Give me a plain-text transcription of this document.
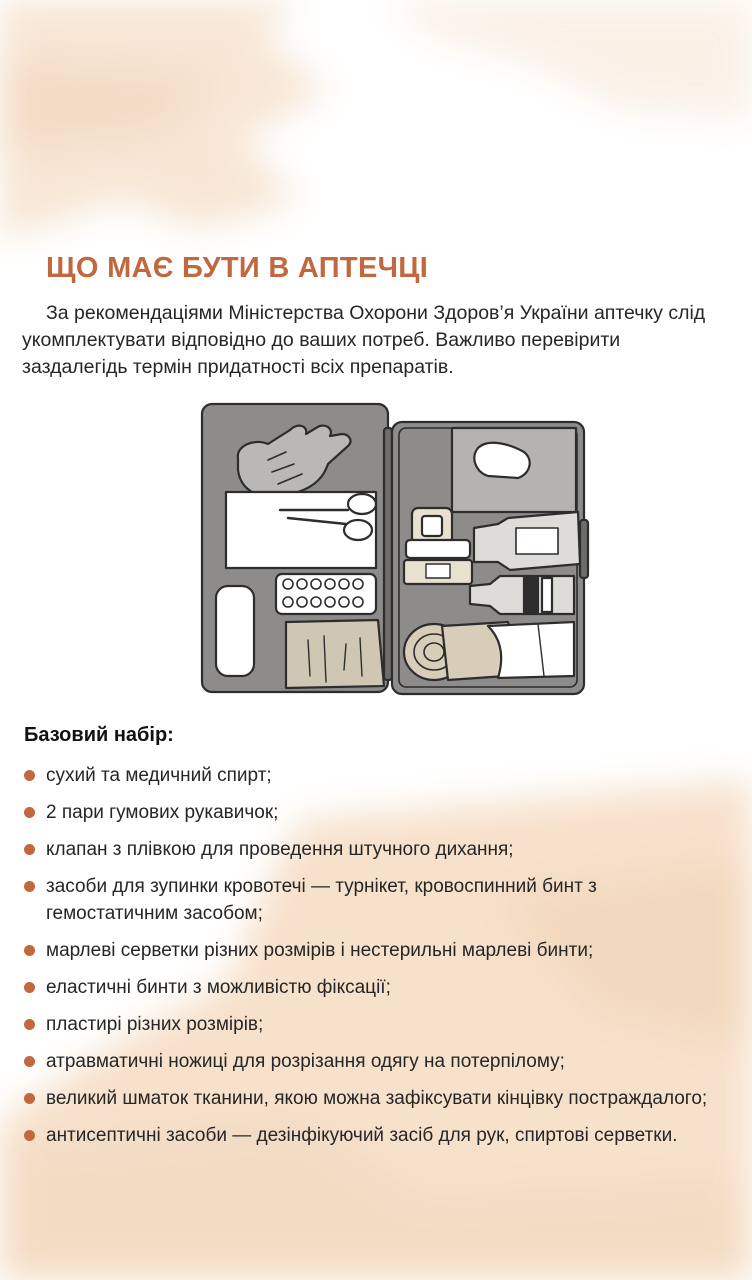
ЩО МАЄ БУТИ В АПТЕЧЦІ

За рекомендаціями Міністерства Охорони Здоров’я України аптечку слід укомплектувати відповідно до ваших потреб. Важливо перевірити заздалегідь термін придатності всіх препаратів.

Базовий набір:
сухий та медичний спирт;
2 пари гумових рукавичок;
клапан з плівкою для проведення штучного дихання;
засоби для зупинки кровотечі — турнікет, кровоспинний бинт з гемостатичним засобом;
марлеві серветки різних розмірів і нестерильні марлеві бинти;
еластичні бинти з можливістю фіксації;
пластирі різних розмірів;
атравматичні ножиці для розрізання одягу на потерпілому;
великий шматок тканини, якою можна зафіксувати кінцівку постраждалого;
антисептичні засоби — дезінфікуючий засіб для рук, спиртові серветки.
